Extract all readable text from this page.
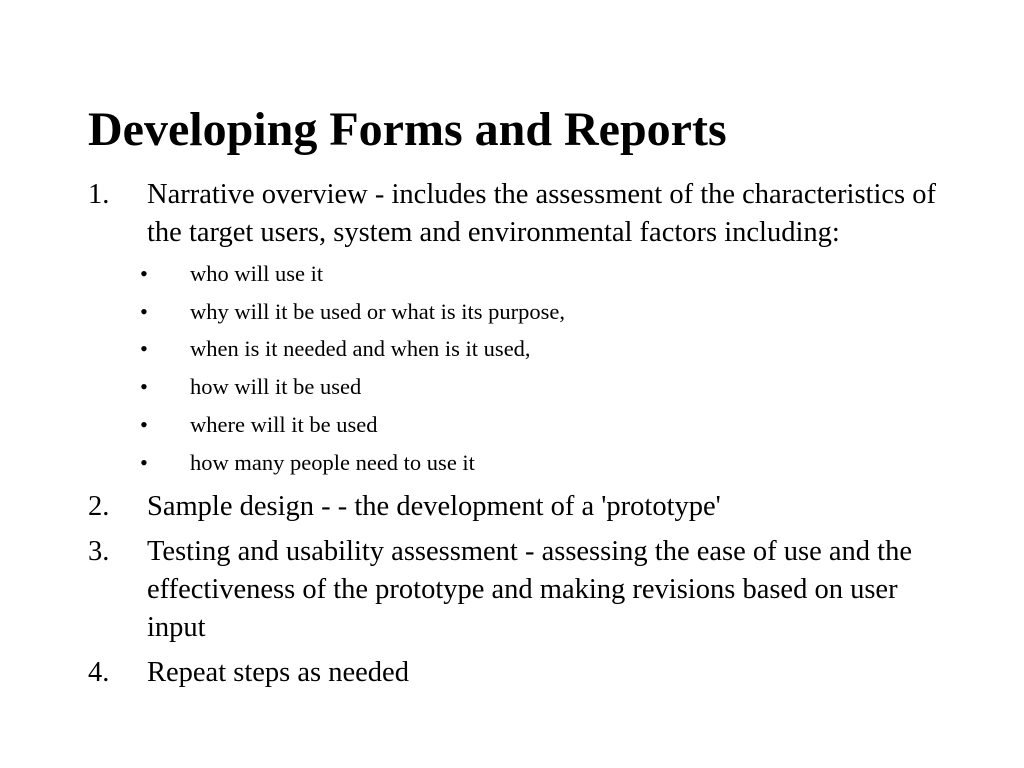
Developing Forms and Reports
1. Narrative overview - includes the assessment of the characteristics of the target users, system and environmental factors including:
• who will use it
• why will it be used or what is its purpose,
• when is it needed and when is it used,
• how will it be used
• where will it be used
• how many people need to use it
2. Sample design - - the development of a 'prototype'
3. Testing and usability assessment - assessing the ease of use and the effectiveness of the prototype and making revisions based on user input
4. Repeat steps as needed
